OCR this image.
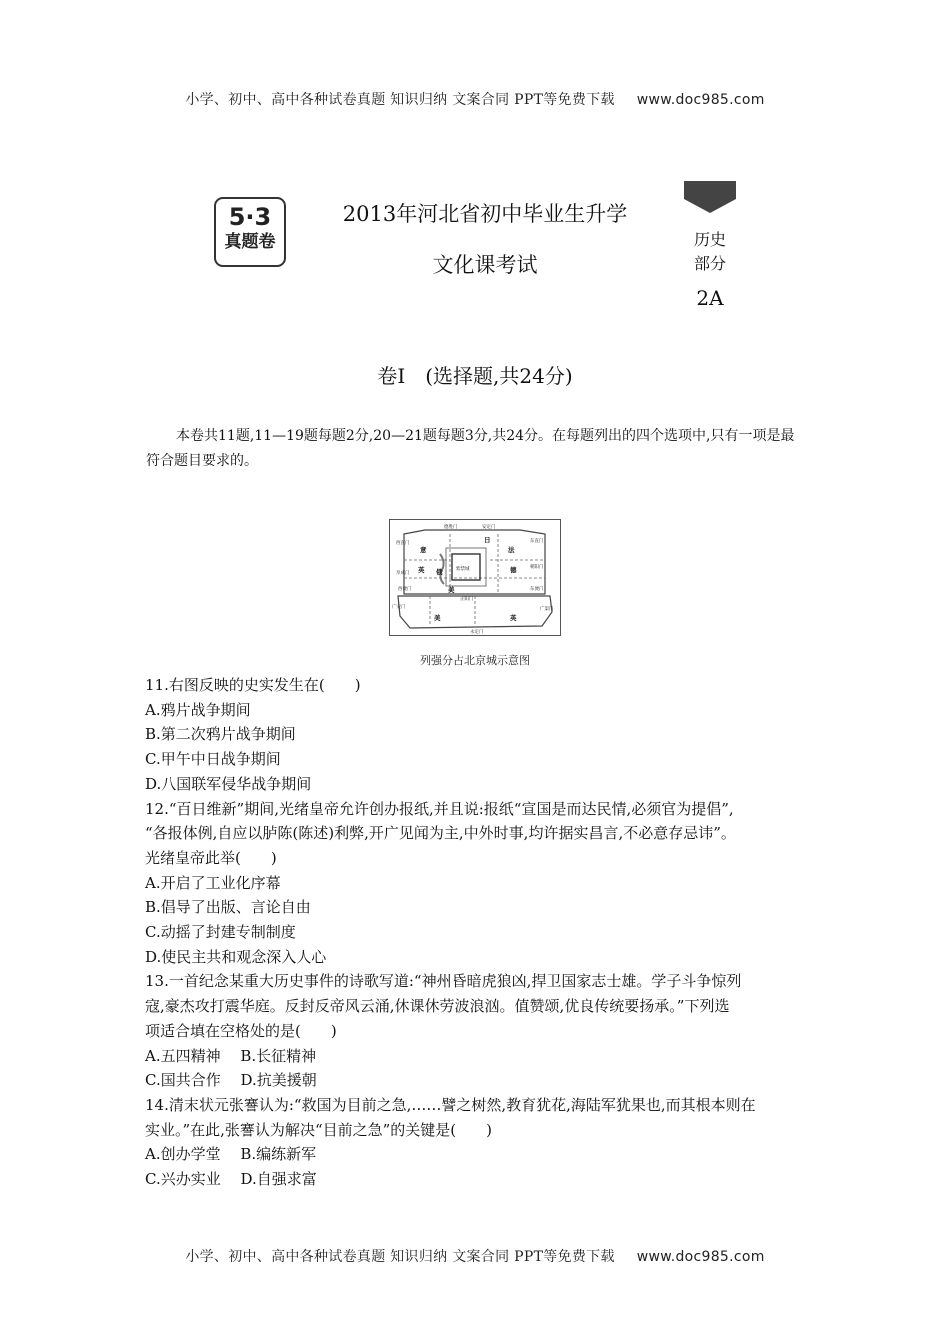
小学、初中、高中各种试卷真题 知识归纳 文案合同 PPT等免费下载 www.doc985.com
5·3
真题卷
2013年河北省初中毕业生升学
文化课考试
历史
部分
2A
卷Ⅰ　(选择题,共24分)
本卷共11题,11—19题每题2分,20—21题每题3分,共24分。在每题列出的四个选项中,只有一项是最符合题目要求的。
德胜门	安定门
西直门	东直门
阜成门
朝阳门
西便门	东便门
广安门	广渠门
正阳门
永定门
紫禁城
日
意
英 俄
法
德
美
美	英
列强分占北京城示意图
11.右图反映的史实发生在(　　)
A.鸦片战争期间
B.第二次鸦片战争期间
C.甲午中日战争期间
D.八国联军侵华战争期间
12.“百日维新”期间,光绪皇帝允许创办报纸,并且说:报纸“宣国是而达民情,必须官为提倡”,
“各报体例,自应以胪陈(陈述)利弊,开广见闻为主,中外时事,均许据实昌言,不必意存忌讳”。
光绪皇帝此举(　　)
A.开启了工业化序幕
B.倡导了出版、言论自由
C.动摇了封建专制制度
D.使民主共和观念深入人心
13.一首纪念某重大历史事件的诗歌写道:“神州昏暗虎狼凶,捍卫国家志士雄。学子斗争惊列
寇,豪杰攻打震华庭。反封反帝风云涌,休课休劳波浪汹。值赞颂,优良传统要扬承。”下列选
项适合填在空格处的是(　　)
A.五四精神　 B.长征精神
C.国共合作　 D.抗美援朝
14.清末状元张謇认为:“救国为目前之急,……譬之树然,教育犹花,海陆军犹果也,而其根本则在
实业。”在此,张謇认为解决“目前之急”的关键是(　　)
A.创办学堂　 B.编练新军
C.兴办实业　 D.自强求富
小学、初中、高中各种试卷真题 知识归纳 文案合同 PPT等免费下载 www.doc985.com
